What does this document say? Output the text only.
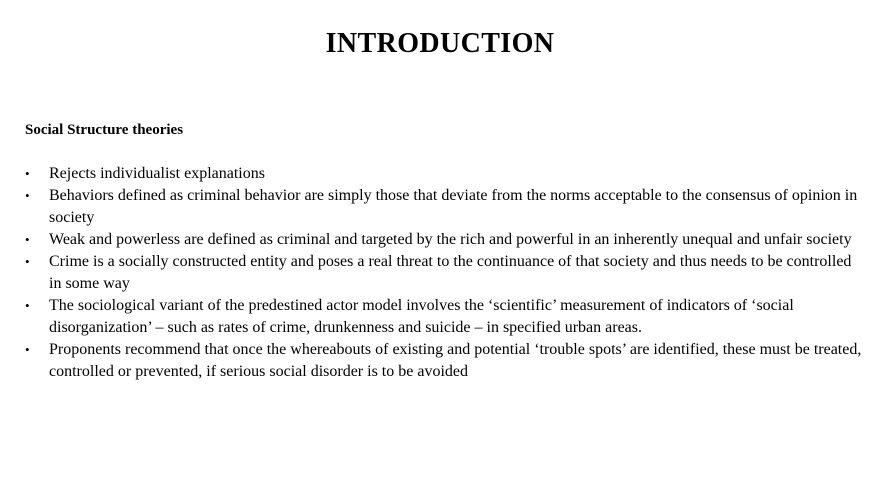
INTRODUCTION
Social Structure theories
•	Rejects individualist explanations
•	Behaviors defined as criminal behavior are simply those that deviate from the norms acceptable to the consensus of opinion in society
•	Weak and powerless are defined as criminal and targeted by the rich and powerful in an inherently unequal and unfair society
•	Crime is a socially constructed entity and poses a real threat to the continuance of that society and thus needs to be controlled in some way
•	The sociological variant of the predestined actor model involves the ‘scientific’ measurement of indicators of ‘social disorganization’ – such as rates of crime, drunkenness and suicide – in specified urban areas.
•	Proponents recommend that once the whereabouts of existing and potential ‘trouble spots’ are identified, these must be treated, controlled or prevented, if serious social disorder is to be avoided
